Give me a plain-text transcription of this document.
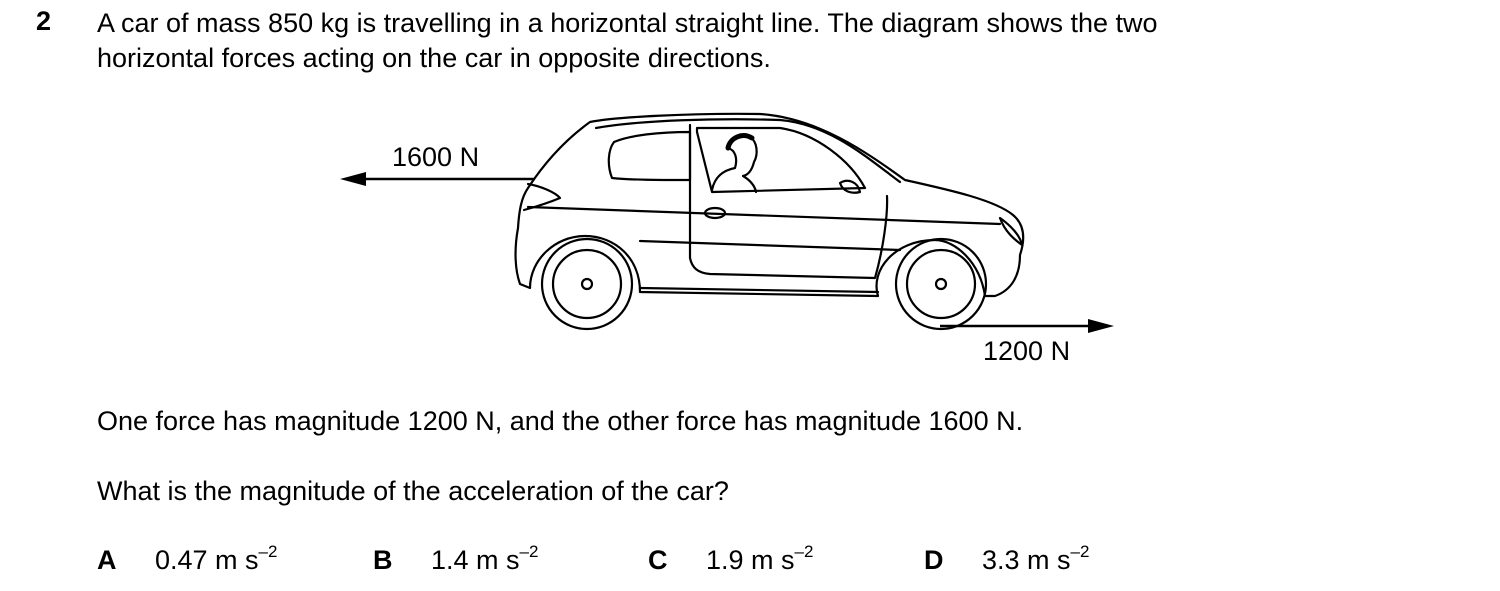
2 A car of mass 850 kg is travelling in a horizontal straight line. The diagram shows the two
horizontal forces acting on the car in opposite directions.
1600 N
1200 N
One force has magnitude 1200 N, and the other force has magnitude 1600 N.
What is the magnitude of the acceleration of the car?
A 0.47 m $s^{-2}$	B 1.4 m $s^{-2}$	C 1.9 m $s^{-2}$	D 3.3 m $s^{-2}$
